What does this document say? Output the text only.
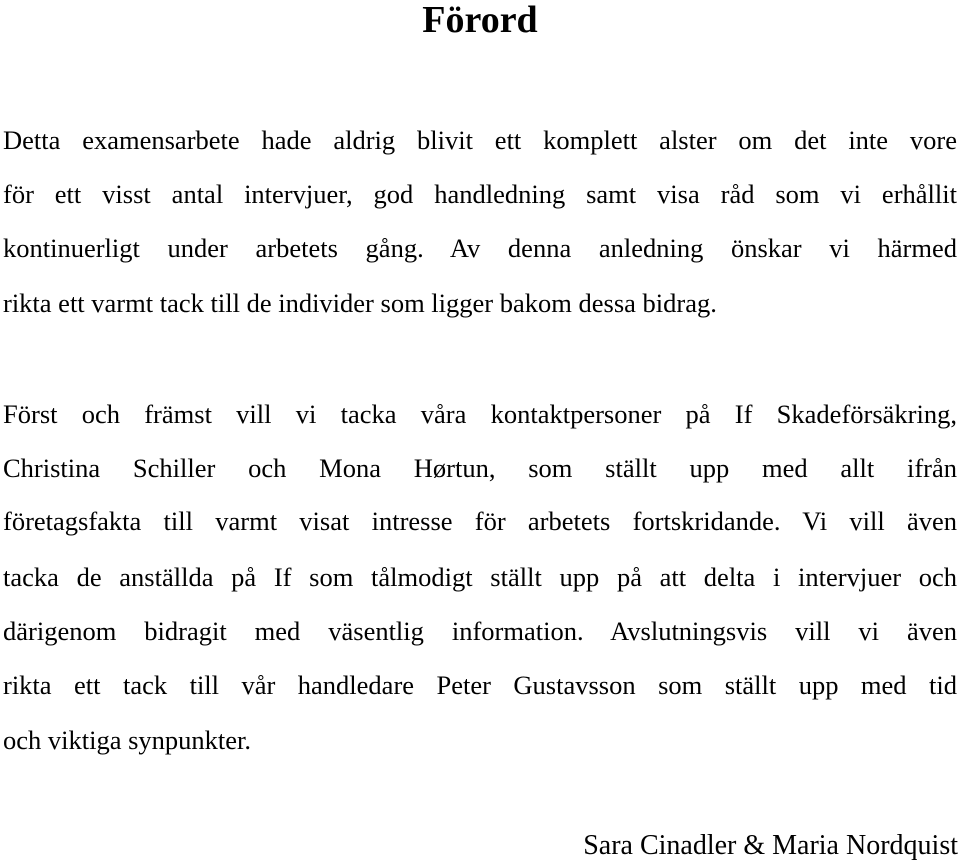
Förord
Detta examensarbete hade aldrig blivit ett komplett alster om det inte vore
för ett visst antal intervjuer, god handledning samt visa råd som vi erhållit
kontinuerligt under arbetets gång. Av denna anledning önskar vi härmed
rikta ett varmt tack till de individer som ligger bakom dessa bidrag.
Först och främst vill vi tacka våra kontaktpersoner på If Skadeförsäkring,
Christina Schiller och Mona Hørtun, som ställt upp med allt ifrån
företagsfakta till varmt visat intresse för arbetets fortskridande. Vi vill även
tacka de anställda på If som tålmodigt ställt upp på att delta i intervjuer och
därigenom bidragit med väsentlig information. Avslutningsvis vill vi även
rikta ett tack till vår handledare Peter Gustavsson som ställt upp med tid
och viktiga synpunkter.
Sara Cinadler & Maria Nordquist
